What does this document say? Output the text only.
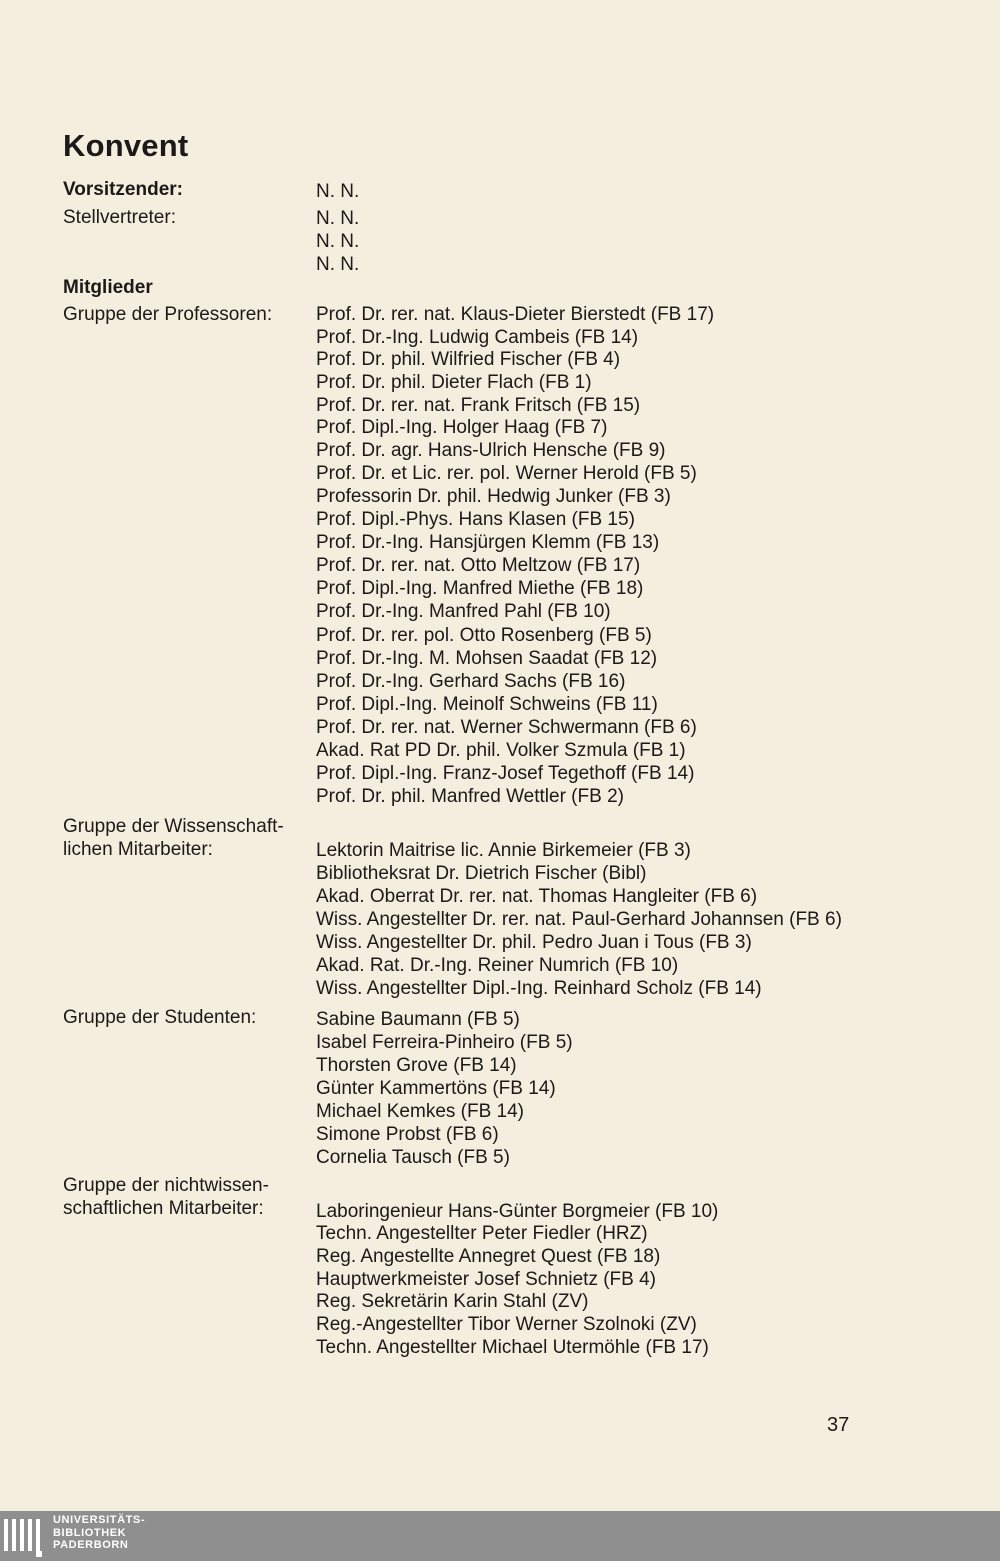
Konvent
Vorsitzender:	N. N.
Stellvertreter:	N. N.
N. N.
N. N.
Mitglieder
Gruppe der Professoren: Prof. Dr. rer. nat. Klaus-Dieter Bierstedt (FB 17)
Prof. Dr.-Ing. Ludwig Cambeis (FB 14)
Prof. Dr. phil. Wilfried Fischer (FB 4)
Prof. Dr. phil. Dieter Flach (FB 1)
Prof. Dr. rer. nat. Frank Fritsch (FB 15)
Prof. Dipl.-Ing. Holger Haag (FB 7)
Prof. Dr. agr. Hans-Ulrich Hensche (FB 9)
Prof. Dr. et Lic. rer. pol. Werner Herold (FB 5)
Professorin Dr. phil. Hedwig Junker (FB 3)
Prof. Dipl.-Phys. Hans Klasen (FB 15)
Prof. Dr.-Ing. Hansjürgen Klemm (FB 13)
Prof. Dr. rer. nat. Otto Meltzow (FB 17)
Prof. Dipl.-Ing. Manfred Miethe (FB 18)
Prof. Dr.-Ing. Manfred Pahl (FB 10)
Prof. Dr. rer. pol. Otto Rosenberg (FB 5)
Prof. Dr.-Ing. M. Mohsen Saadat (FB 12)
Prof. Dr.-Ing. Gerhard Sachs (FB 16)
Prof. Dipl.-Ing. Meinolf Schweins (FB 11)
Prof. Dr. rer. nat. Werner Schwermann (FB 6)
Akad. Rat PD Dr. phil. Volker Szmula (FB 1)
Prof. Dipl.-Ing. Franz-Josef Tegethoff (FB 14)
Prof. Dr. phil. Manfred Wettler (FB 2)
Gruppe der Wissenschaft-
lichen Mitarbeiter:	Lektorin Maitrise lic. Annie Birkemeier (FB 3)
Bibliotheksrat Dr. Dietrich Fischer (Bibl)
Akad. Oberrat Dr. rer. nat. Thomas Hangleiter (FB 6)
Wiss. Angestellter Dr. rer. nat. Paul-Gerhard Johannsen (FB 6)
Wiss. Angestellter Dr. phil. Pedro Juan i Tous (FB 3)
Akad. Rat. Dr.-Ing. Reiner Numrich (FB 10)
Wiss. Angestellter Dipl.-Ing. Reinhard Scholz (FB 14)
Gruppe der Studenten:	Sabine Baumann (FB 5)
Isabel Ferreira-Pinheiro (FB 5)
Thorsten Grove (FB 14)
Günter Kammertöns (FB 14)
Michael Kemkes (FB 14)
Simone Probst (FB 6)
Cornelia Tausch (FB 5)
Gruppe der nichtwissen-
schaftlichen Mitarbeiter:	Laboringenieur Hans-Günter Borgmeier (FB 10)
Techn. Angestellter Peter Fiedler (HRZ)
Reg. Angestellte Annegret Quest (FB 18)
Hauptwerkmeister Josef Schnietz (FB 4)
Reg. Sekretärin Karin Stahl (ZV)
Reg.-Angestellter Tibor Werner Szolnoki (ZV)
Techn. Angestellter Michael Utermöhle (FB 17)
37
UNIVERSITÄTS-
BIBLIOTHEK
PADERBORN
